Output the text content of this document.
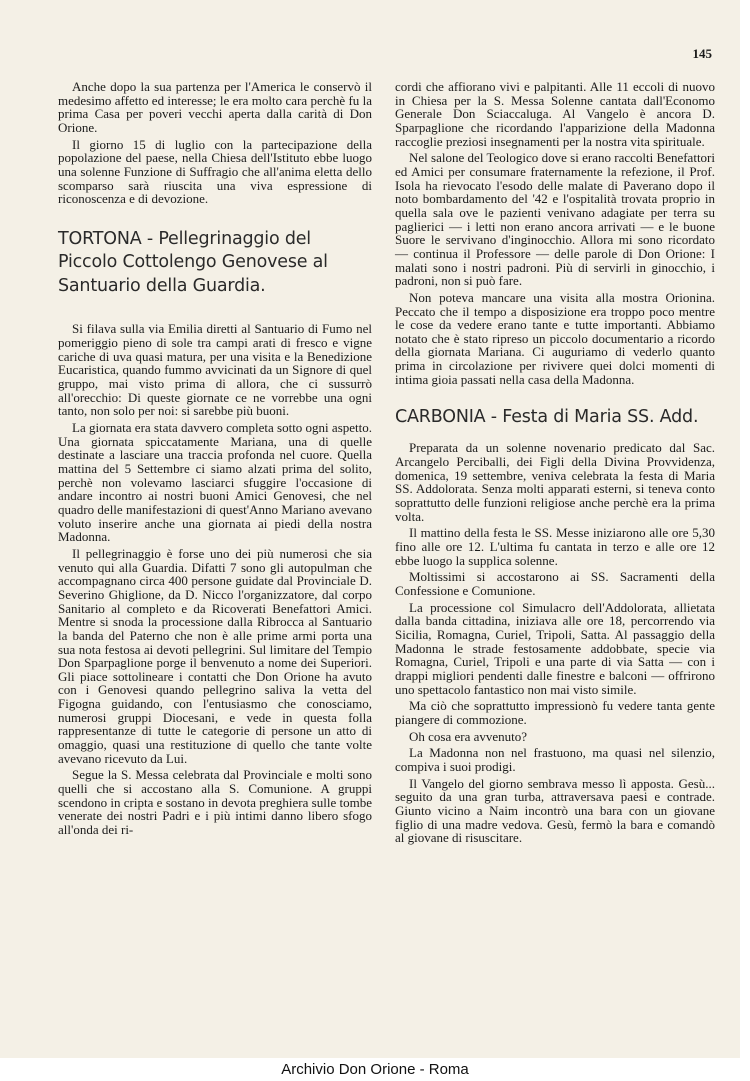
145

Anche dopo la sua partenza per l'America le conservò il medesimo affetto ed interesse; le era molto cara perchè fu la prima Casa per poveri vecchi aperta dalla carità di Don Orione.

Il giorno 15 di luglio con la partecipazione della popolazione del paese, nella Chiesa dell'Istituto ebbe luogo una solenne Funzione di Suffragio che all'anima eletta dello scomparso sarà riuscita una viva espressione di riconoscenza e di devozione.

TORTONA - Pellegrinaggio del Piccolo Cottolengo Genovese al Santuario della Guardia.

Si filava sulla via Emilia diretti al Santuario di Fumo nel pomeriggio pieno di sole tra campi arati di fresco e vigne cariche di uva quasi matura, per una visita e la Benedizione Eucaristica, quando fummo avvicinati da un Signore di quel gruppo, mai visto prima di allora, che ci sussurrò all'orecchio: Di queste giornate ce ne vorrebbe una ogni tanto, non solo per noi: si sarebbe più buoni.

La giornata era stata davvero completa sotto ogni aspetto. Una giornata spiccatamente Mariana, una di quelle destinate a lasciare una traccia profonda nel cuore. Quella mattina del 5 Settembre ci siamo alzati prima del solito, perchè non volevamo lasciarci sfuggire l'occasione di andare incontro ai nostri buoni Amici Genovesi, che nel quadro delle manifestazioni di quest'Anno Mariano avevano voluto inserire anche una giornata ai piedi della nostra Madonna.

Il pellegrinaggio è forse uno dei più numerosi che sia venuto qui alla Guardia. Difatti 7 sono gli autopulman che accompagnano circa 400 persone guidate dal Provinciale D. Severino Ghiglione, da D. Nicco l'organizzatore, dal corpo Sanitario al completo e da Ricoverati Benefattori Amici. Mentre si snoda la processione dalla Ribrocca al Santuario la banda del Paterno che non è alle prime armi porta una sua nota festosa ai devoti pellegrini. Sul limitare del Tempio Don Sparpaglione porge il benvenuto a nome dei Superiori. Gli piace sottolineare i contatti che Don Orione ha avuto con i Genovesi quando pellegrino saliva la vetta del Figogna guidando, con l'entusiasmo che conosciamo, numerosi gruppi Diocesani, e vede in questa folla rappresentanze di tutte le categorie di persone un atto di omaggio, quasi una restituzione di quello che tante volte avevano ricevuto da Lui.

Segue la S. Messa celebrata dal Provinciale e molti sono quelli che si accostano alla S. Comunione. A gruppi scendono in cripta e sostano in devota preghiera sulle tombe venerate dei nostri Padri e i più intimi danno libero sfogo all'onda dei ri-

cordi che affiorano vivi e palpitanti. Alle 11 eccoli di nuovo in Chiesa per la S. Messa Solenne cantata dall'Economo Generale Don Sciaccaluga. Al Vangelo è ancora D. Sparpaglione che ricordando l'apparizione della Madonna raccoglie preziosi insegnamenti per la nostra vita spirituale.

Nel salone del Teologico dove si erano raccolti Benefattori ed Amici per consumare fraternamente la refezione, il Prof. Isola ha rievocato l'esodo delle malate di Paverano dopo il noto bombardamento del '42 e l'ospitalità trovata proprio in quella sala ove le pazienti venivano adagiate per terra su paglierici — i letti non erano ancora arrivati — e le buone Suore le servivano d'inginocchio. Allora mi sono ricordato — continua il Professore — delle parole di Don Orione: I malati sono i nostri padroni. Più di servirli in ginocchio, i padroni, non si può fare.

Non poteva mancare una visita alla mostra Orionina. Peccato che il tempo a disposizione era troppo poco mentre le cose da vedere erano tante e tutte importanti. Abbiamo notato che è stato ripreso un piccolo documentario a ricordo della giornata Mariana. Ci auguriamo di vederlo quanto prima in circolazione per rivivere quei dolci momenti di intima gioia passati nella casa della Madonna.

CARBONIA - Festa di Maria SS. Add.

Preparata da un solenne novenario predicato dal Sac. Arcangelo Perciballi, dei Figli della Divina Provvidenza, domenica, 19 settembre, veniva celebrata la festa di Maria SS. Addolorata. Senza molti apparati esterni, si teneva conto soprattutto delle funzioni religiose anche perchè era la prima volta.

Il mattino della festa le SS. Messe iniziarono alle ore 5,30 fino alle ore 12. L'ultima fu cantata in terzo e alle ore 12 ebbe luogo la supplica solenne.

Moltissimi si accostarono ai SS. Sacramenti della Confessione e Comunione.

La processione col Simulacro dell'Addolorata, allietata dalla banda cittadina, iniziava alle ore 18, percorrendo via Sicilia, Romagna, Curiel, Tripoli, Satta. Al passaggio della Madonna le strade festosamente addobbate, specie via Romagna, Curiel, Tripoli e una parte di via Satta — con i drappi migliori pendenti dalle finestre e balconi — offrirono uno spettacolo fantastico non mai visto simile.

Ma ciò che soprattutto impressionò fu vedere tanta gente piangere di commozione.

Oh cosa era avvenuto?

La Madonna non nel frastuono, ma quasi nel silenzio, compiva i suoi prodigi.

Il Vangelo del giorno sembrava messo lì apposta. Gesù... seguito da una gran turba, attraversava paesi e contrade. Giunto vicino a Naim incontrò una bara con un giovane figlio di una madre vedova. Gesù, fermò la bara e comandò al giovane di risuscitare.

Archivio Don Orione - Roma
